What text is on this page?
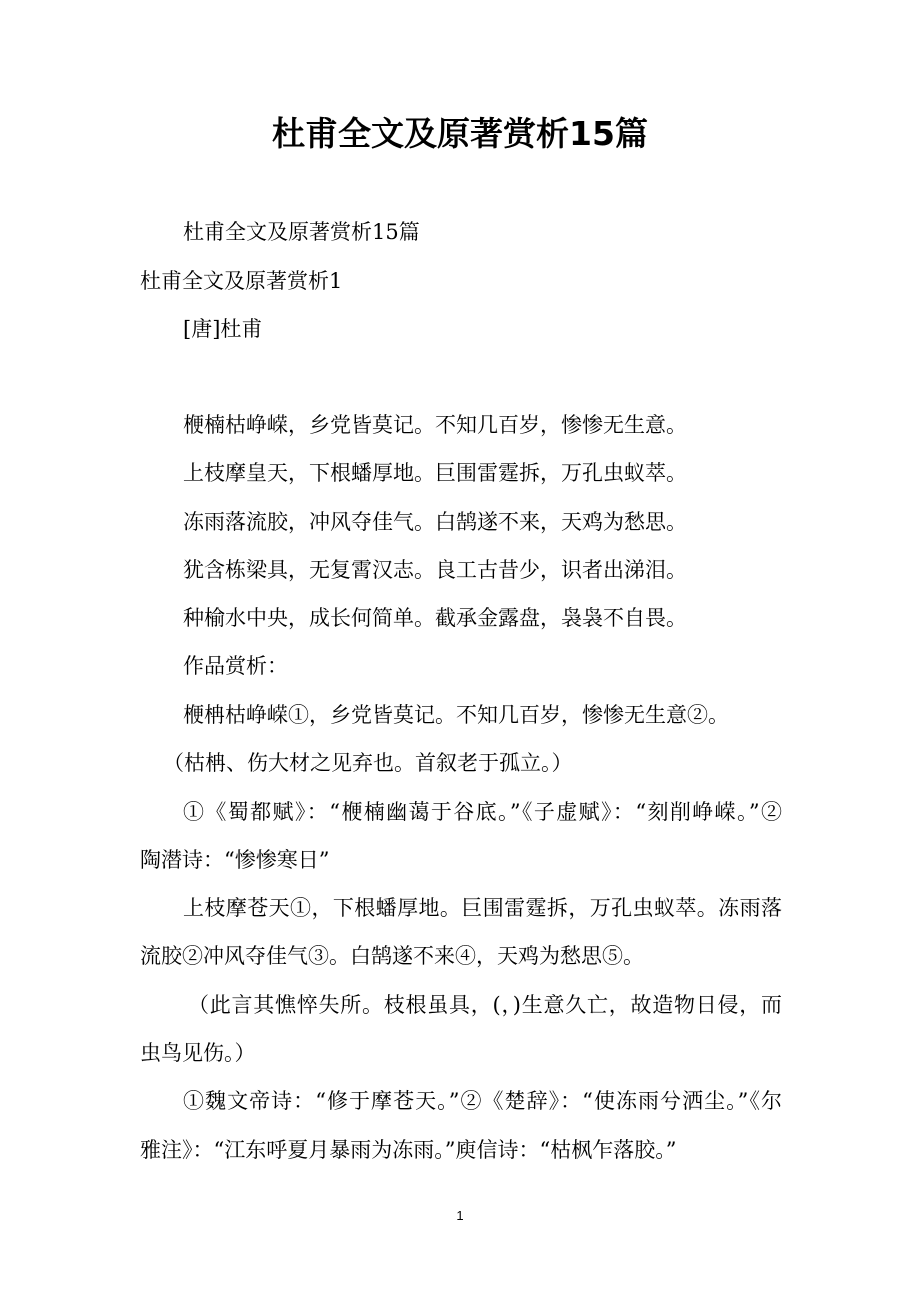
杜甫全文及原著赏析15篇

杜甫全文及原著赏析15篇

杜甫全文及原著赏析1

[唐]杜甫

楩楠枯峥嵘，乡党皆莫记。不知几百岁，惨惨无生意。

上枝摩皇天，下根蟠厚地。巨围雷霆拆，万孔虫蚁萃。

冻雨落流胶，冲风夺佳气。白鹄遂不来，天鸡为愁思。

犹含栋梁具，无复霄汉志。良工古昔少，识者出涕泪。

种榆水中央，成长何简单。截承金露盘，袅袅不自畏。

作品赏析：

楩柟枯峥嵘①，乡党皆莫记。不知几百岁，惨惨无生意②。

（枯柟、伤大材之见弃也。首叙老于孤立。）

①《蜀都赋》：“楩楠幽蔼于谷底。”《子虚赋》：“刻削峥嵘。”②

陶潜诗：“惨惨寒日”

上枝摩苍天①，下根蟠厚地。巨围雷霆拆，万孔虫蚁萃。冻雨落

流胶②冲风夺佳气③。白鹄遂不来④，天鸡为愁思⑤。

（此言其憔悴失所。枝根虽具，(，)生意久亡，故造物日侵，而

虫鸟见伤。）

①魏文帝诗：“修于摩苍天。”②《楚辞》：“使冻雨兮洒尘。”《尔

雅注》：“江东呼夏月暴雨为冻雨。”庾信诗：“枯枫乍落胶。”

1
